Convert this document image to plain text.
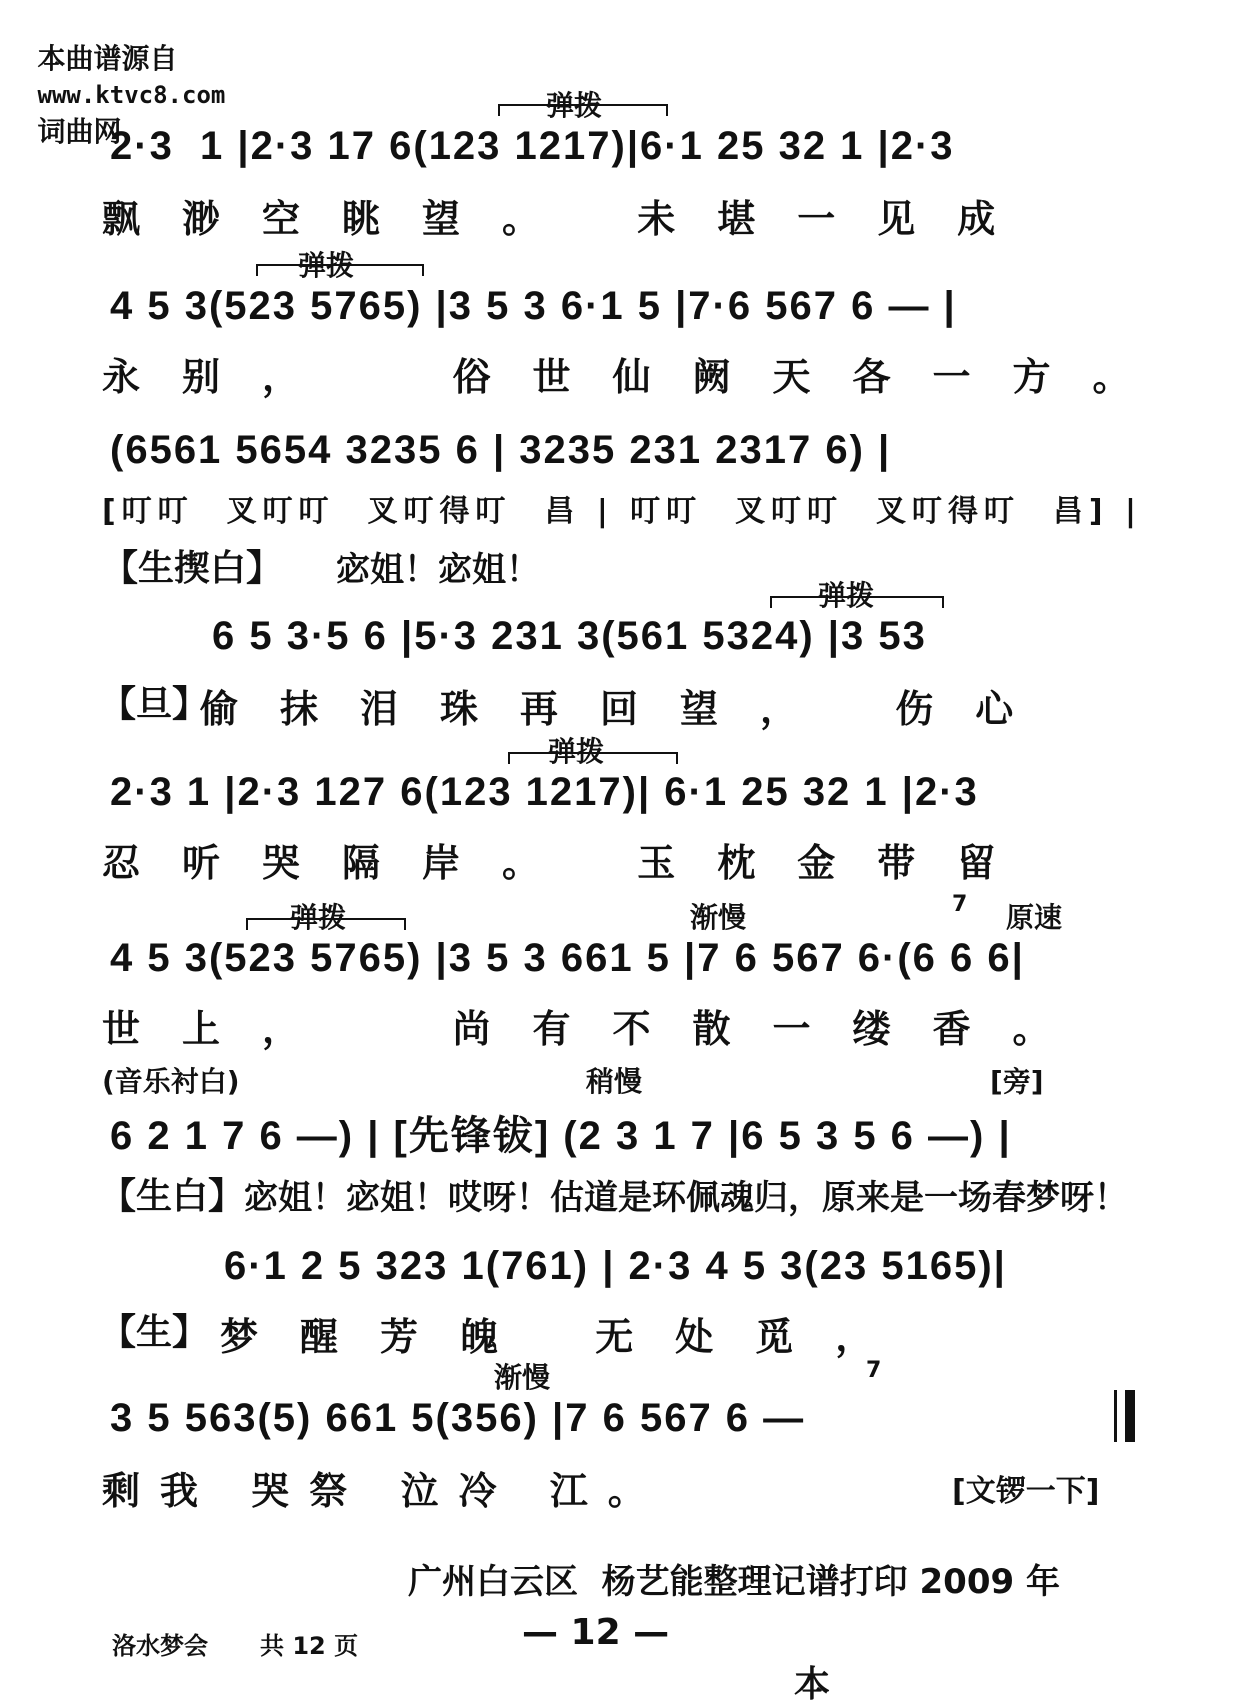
本曲谱源自
www.ktvc8.com
词曲网

弹拨
2·3  1 |2·3 17 6(123 1217)|6·1 25 32 1 |2·3
飘渺空眺望。 未堪一见成
弹拨
4 5 3(523 5765) |3 5 3 6·1 5 |7·6 567 6 — |
永别，  俗世仙阙天各一方。
(6561 5654 3235 6 | 3235 231 2317 6) |
[叮叮  叉叮叮  叉叮得叮  昌 | 叮叮  叉叮叮  叉叮得叮  昌] |
【生揳白】 宓姐！宓姐！
弹拨
6 5 3·5 6 |5·3 231 3(561 5324) |3 53
【旦】
偷抹泪珠再回望， 伤心
弹拨
2·3 1 |2·3 127 6(123 1217)| 6·1 25 32 1 |2·3
忍听哭隔岸。 玉枕金带留
弹拨	渐慢	7 原速
4 5 3(523 5765) |3 5 3 661 5 |7 6 567 6·(6 6 6|
世上，  尚有不散一缕香。
(音乐衬白)	稍慢	[旁]
6 2 1 7 6 —) | [先锋钹] (2 3 1 7 |6 5 3 5 6 —) |
【生白】 宓姐！宓姐！哎呀！估道是环佩魂归，原来是一场春梦呀！
6·1 2 5 323 1(761) | 2·3 4 5 3(23 5165)|
【生】 梦醒芳魄 无处觅，
渐慢	7
3 5 563(5) 661 5(356) |7 6 567 6 —
剩我 哭祭 泣冷 江。	[文锣一下]
广州白云区  杨艺能整理记谱打印 2009 年
洛水梦会 共 12 页	— 12 —
本
